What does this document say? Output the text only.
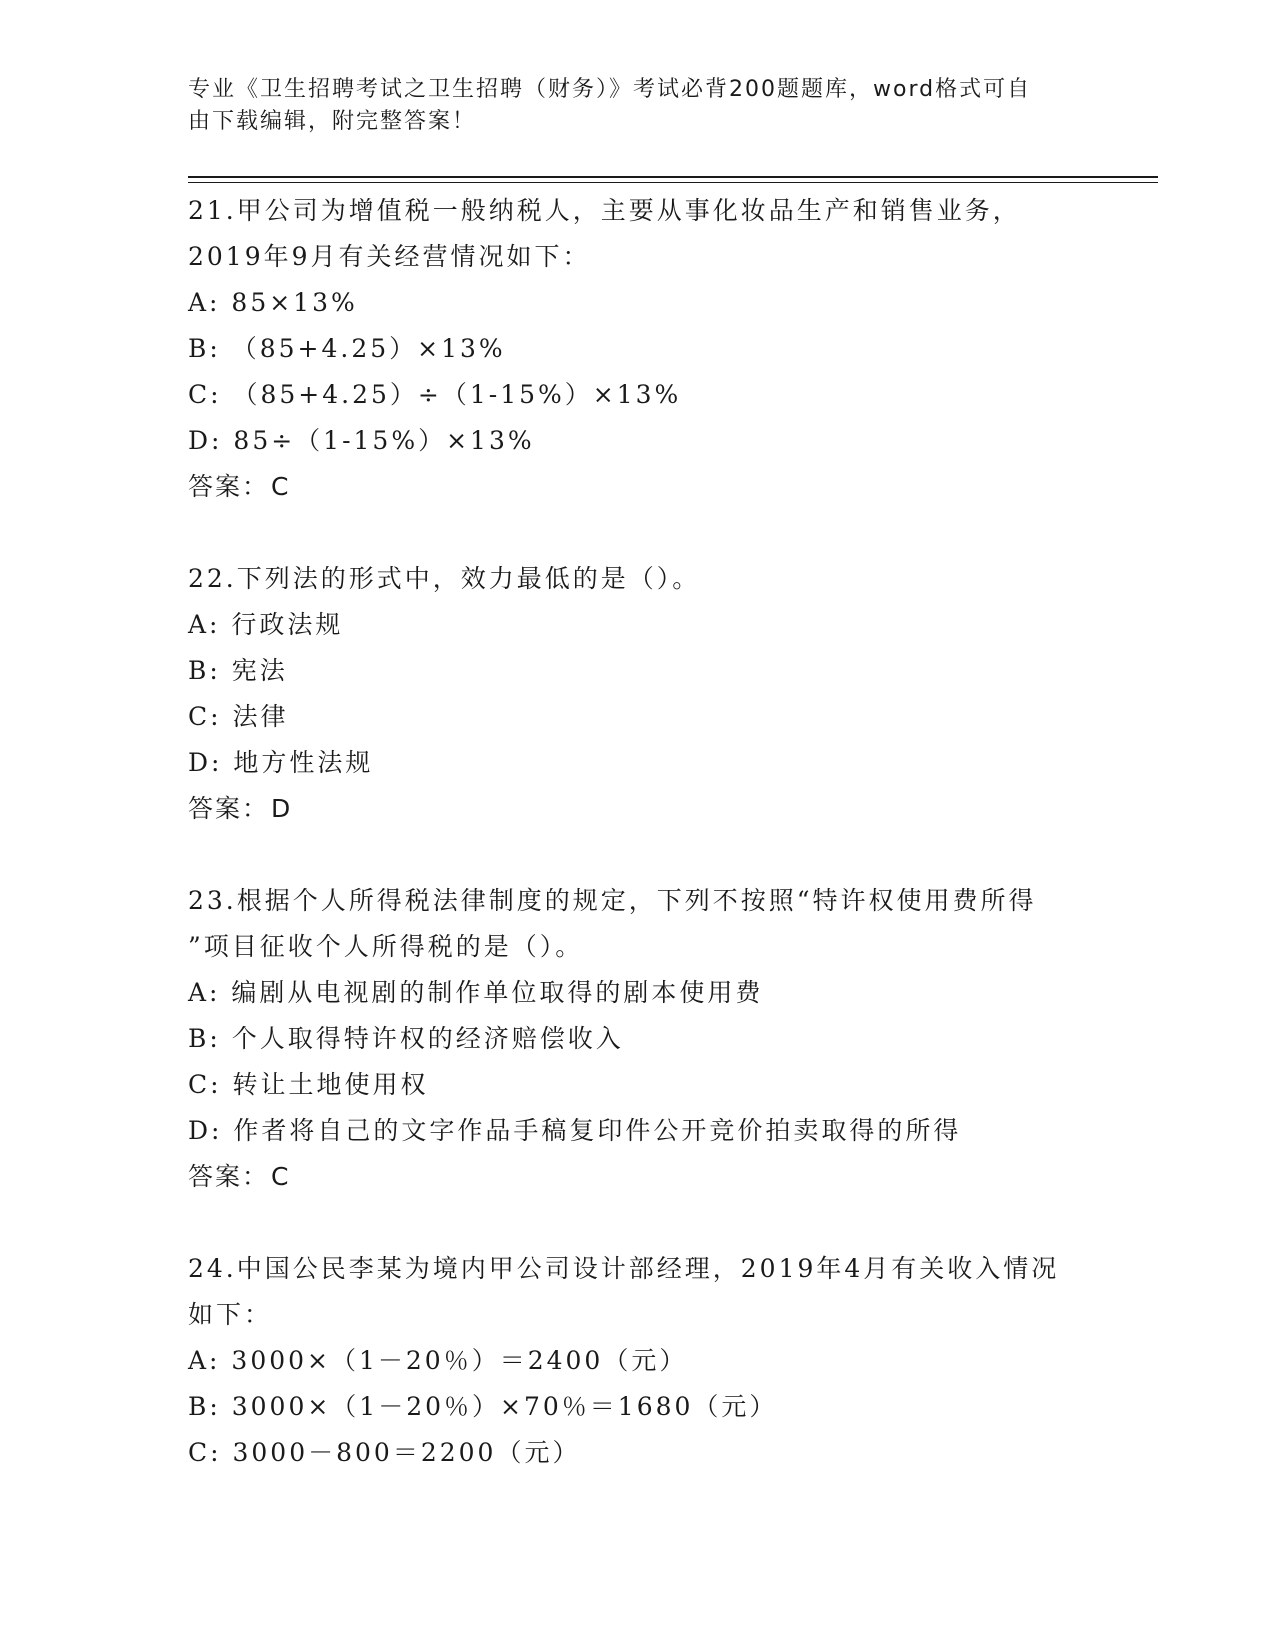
专业《卫生招聘考试之卫生招聘（财务）》考试必背200题题库，word格式可自
由下载编辑，附完整答案！
21.甲公司为增值税一般纳税人，主要从事化妆品生产和销售业务，
2019年9月有关经营情况如下：
A: 85×13%
B: （85+4.25）×13%
C: （85+4.25）÷（1-15%）×13%
D: 85÷（1-15%）×13%
答案：C
22.下列法的形式中，效力最低的是（）。
A: 行政法规
B: 宪法
C: 法律
D: 地方性法规
答案：D
23.根据个人所得税法律制度的规定，下列不按照“特许权使用费所得
”项目征收个人所得税的是（）。
A: 编剧从电视剧的制作单位取得的剧本使用费
B: 个人取得特许权的经济赔偿收入
C: 转让土地使用权
D: 作者将自己的文字作品手稿复印件公开竞价拍卖取得的所得
答案：C
24.中国公民李某为境内甲公司设计部经理，2019年4月有关收入情况
如下：
A: 3000×（1－20％）＝2400（元）
B: 3000×（1－20％）×70％＝1680（元）
C: 3000－800＝2200（元）
